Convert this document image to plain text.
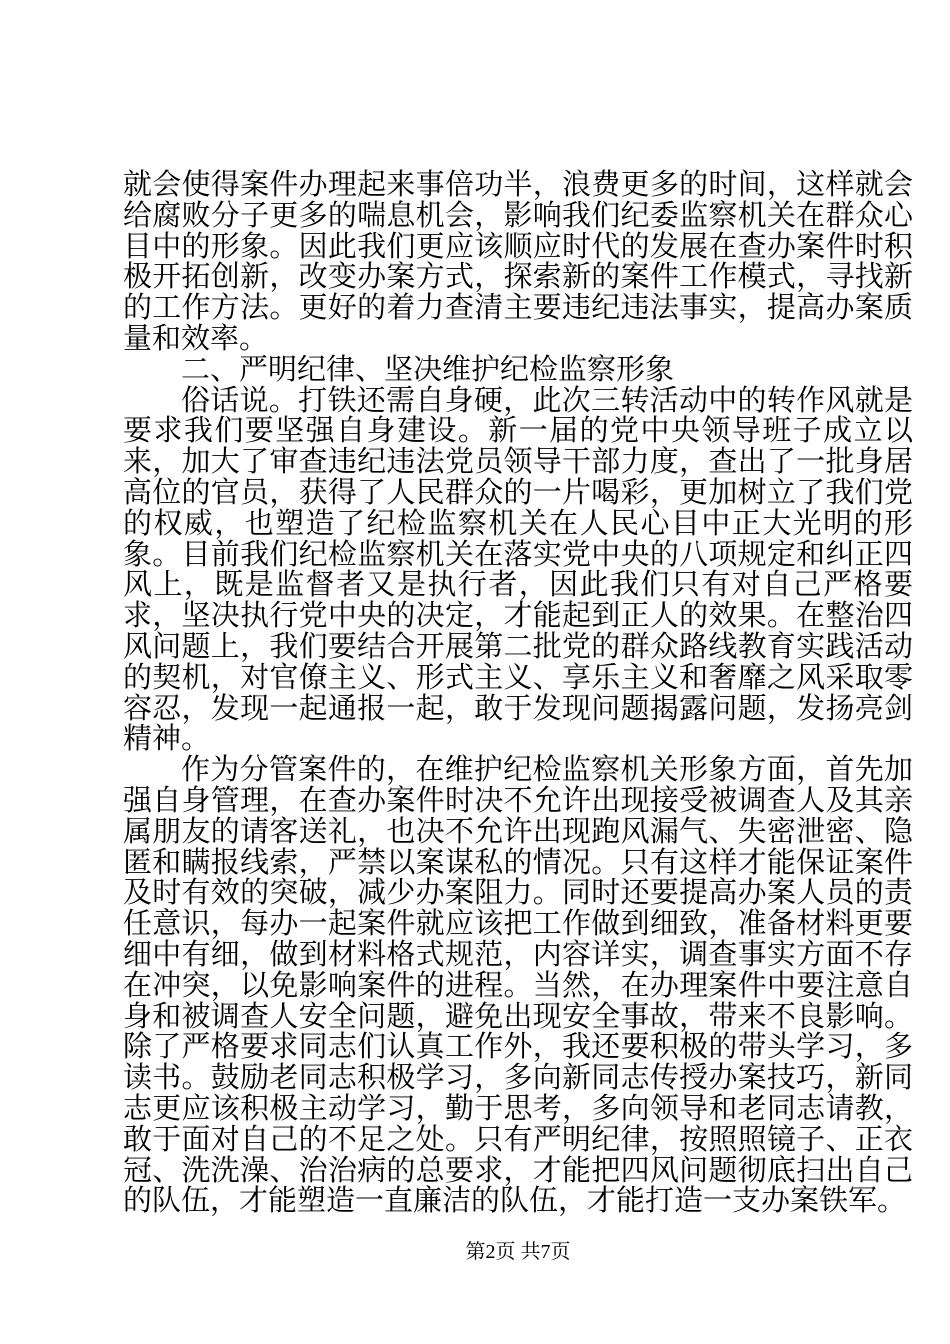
就会使得案件办理起来事倍功半，浪费更多的时间，这样就会给腐败分子更多的喘息机会，影响我们纪委监察机关在群众心目中的形象。因此我们更应该顺应时代的发展在查办案件时积极开拓创新，改变办案方式，探索新的案件工作模式，寻找新的工作方法。更好的着力查清主要违纪违法事实，提高办案质量和效率。

二、严明纪律、坚决维护纪检监察形象

俗话说。打铁还需自身硬，此次三转活动中的转作风就是要求我们要坚强自身建设。新一届的党中央领导班子成立以来，加大了审查违纪违法党员领导干部力度，查出了一批身居高位的官员，获得了人民群众的一片喝彩，更加树立了我们党的权威，也塑造了纪检监察机关在人民心目中正大光明的形象。目前我们纪检监察机关在落实党中央的八项规定和纠正四风上，既是监督者又是执行者，因此我们只有对自己严格要求，坚决执行党中央的决定，才能起到正人的效果。在整治四风问题上，我们要结合开展第二批党的群众路线教育实践活动的契机，对官僚主义、形式主义、享乐主义和奢靡之风采取零容忍，发现一起通报一起，敢于发现问题揭露问题，发扬亮剑精神。

作为分管案件的，在维护纪检监察机关形象方面，首先加强自身管理，在查办案件时决不允许出现接受被调查人及其亲属朋友的请客送礼，也决不允许出现跑风漏气、失密泄密、隐匿和瞒报线索，严禁以案谋私的情况。只有这样才能保证案件及时有效的突破，减少办案阻力。同时还要提高办案人员的责任意识，每办一起案件就应该把工作做到细致，准备材料更要细中有细，做到材料格式规范，内容详实，调查事实方面不存在冲突，以免影响案件的进程。当然，在办理案件中要注意自身和被调查人安全问题，避免出现安全事故，带来不良影响。除了严格要求同志们认真工作外，我还要积极的带头学习，多读书。鼓励老同志积极学习，多向新同志传授办案技巧，新同志更应该积极主动学习，勤于思考，多向领导和老同志请教，敢于面对自己的不足之处。只有严明纪律，按照照镜子、正衣冠、洗洗澡、治治病的总要求，才能把四风问题彻底扫出自己的队伍，才能塑造一直廉洁的队伍，才能打造一支办案铁军。

第2页 共7页
